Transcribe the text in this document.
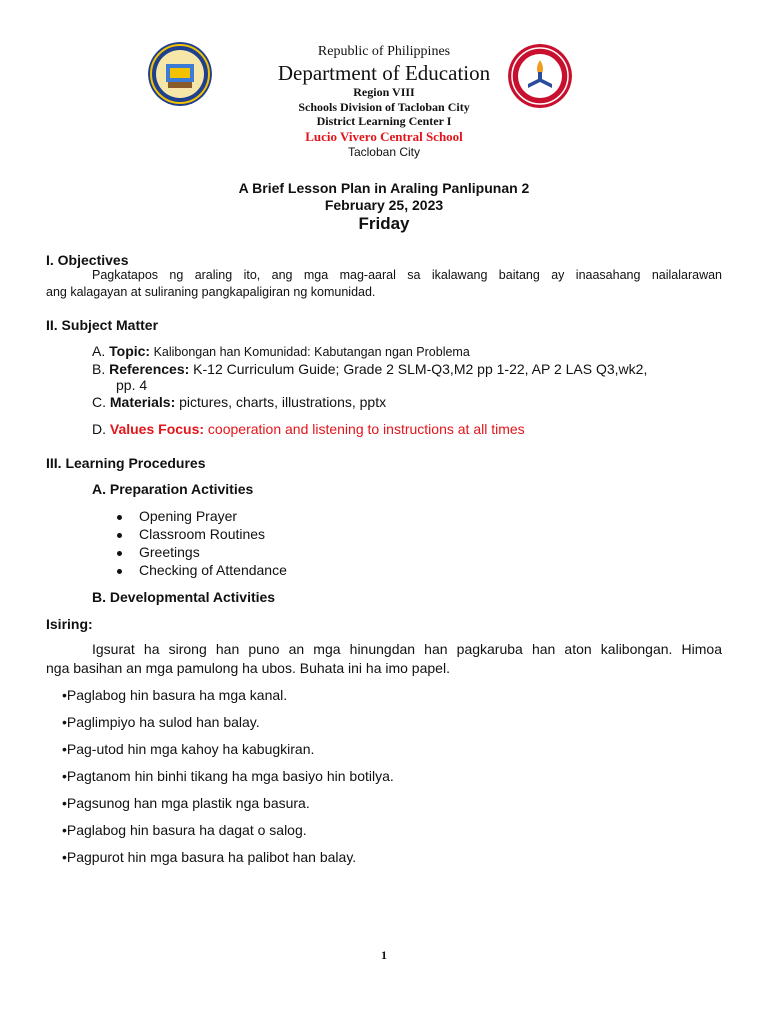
Republic of Philippines
Department of Education
Region VIII
Schools Division of Tacloban City
District Learning Center I
Lucio Vivero Central School
Tacloban City
A Brief Lesson Plan in Araling Panlipunan 2
February 25, 2023
Friday
I. Objectives
Pagkatapos ng araling ito, ang mga mag-aaral sa ikalawang baitang ay inaasahang nailalarawan
ang kalagayan at suliraning pangkapaligiran ng komunidad.
II. Subject Matter
A. Topic: Kalibongan han Komunidad: Kabutangan ngan Problema
B. References: K-12 Curriculum Guide; Grade 2 SLM-Q3,M2 pp 1-22, AP 2 LAS Q3,wk2,
pp. 4
C. Materials: pictures, charts, illustrations, pptx
D. Values Focus: cooperation and listening to instructions at all times
III. Learning Procedures
A. Preparation Activities
Opening Prayer
Classroom Routines
Greetings
Checking of Attendance
B. Developmental Activities
Isiring:
Igsurat ha sirong han puno an mga hinungdan han pagkaruba han aton kalibongan. Himoa
nga basihan an mga pamulong ha ubos. Buhata ini ha imo papel.
•Paglabog hin basura ha mga kanal.
•Paglimpiyo ha sulod han balay.
•Pag-utod hin mga kahoy ha kabugkiran.
•Pagtanom hin binhi tikang ha mga basiyo hin botilya.
•Pagsunog han mga plastik nga basura.
•Paglabog hin basura ha dagat o salog.
•Pagpurot hin mga basura ha palibot han balay.
1
